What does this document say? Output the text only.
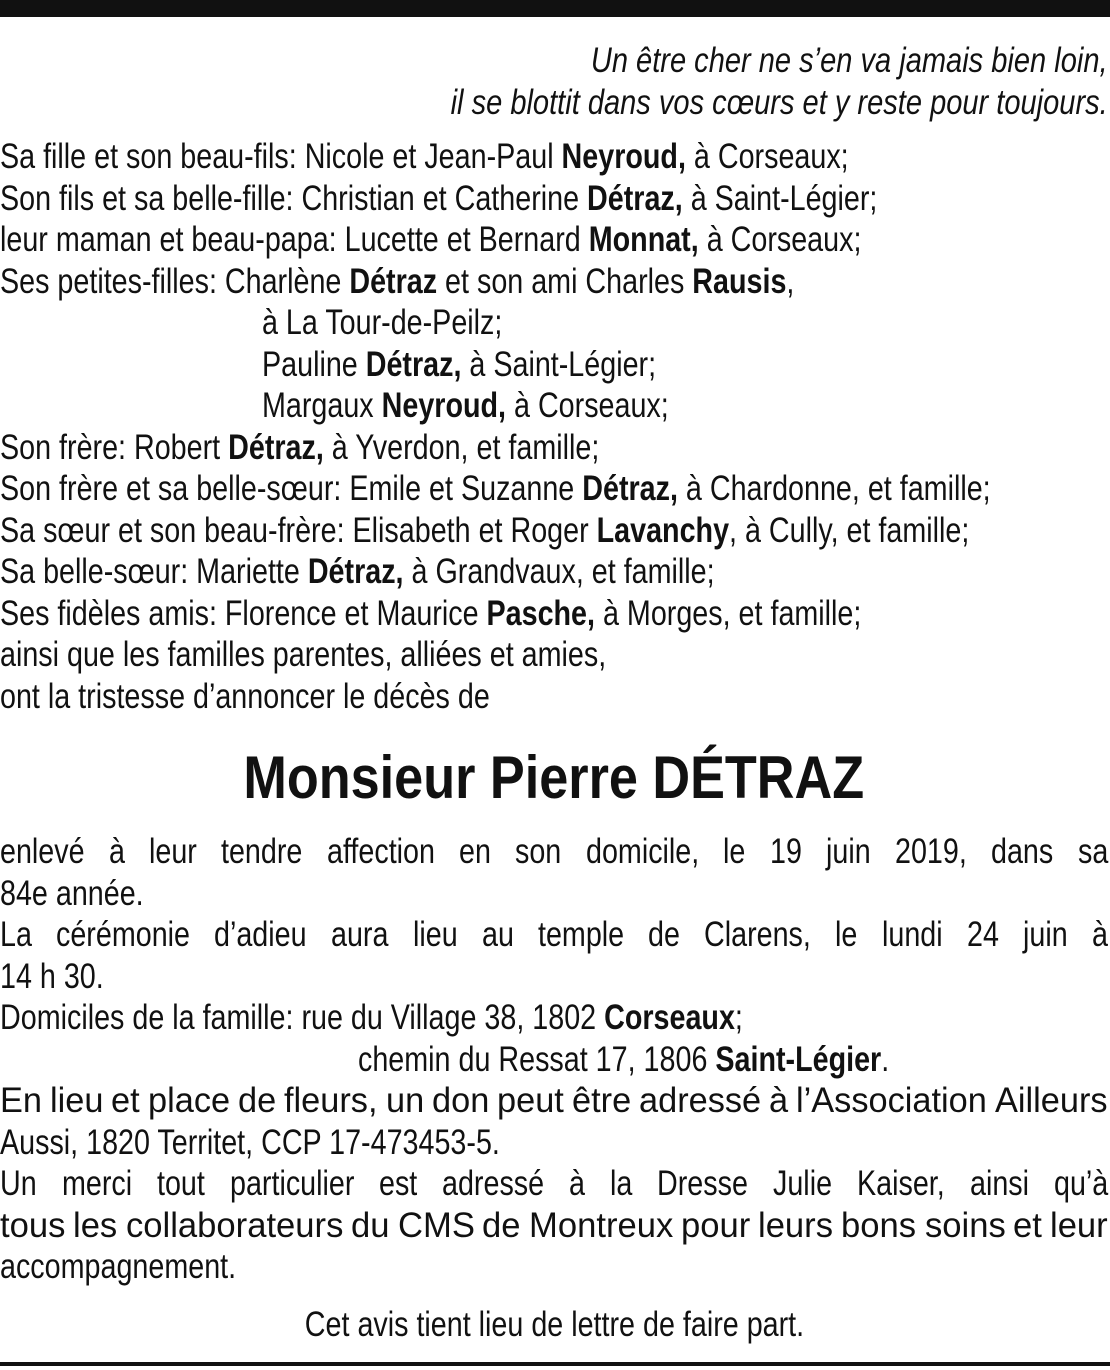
Un être cher ne s’en va jamais bien loin,
il se blottit dans vos cœurs et y reste pour toujours.
Sa fille et son beau-fils: Nicole et Jean-Paul Neyroud, à Corseaux;
Son fils et sa belle-fille: Christian et Catherine Détraz, à Saint-Légier;
leur maman et beau-papa: Lucette et Bernard Monnat, à Corseaux;
Ses petites-filles: Charlène Détraz et son ami Charles Rausis,
à La Tour-de-Peilz;
Pauline Détraz, à Saint-Légier;
Margaux Neyroud, à Corseaux;
Son frère: Robert Détraz, à Yverdon, et famille;
Son frère et sa belle-sœur: Emile et Suzanne Détraz, à Chardonne, et famille;
Sa sœur et son beau-frère: Elisabeth et Roger Lavanchy, à Cully, et famille;
Sa belle-sœur: Mariette Détraz, à Grandvaux, et famille;
Ses fidèles amis: Florence et Maurice Pasche, à Morges, et famille;
ainsi que les familles parentes, alliées et amies,
ont la tristesse d’annoncer le décès de
Monsieur Pierre DÉTRAZ
enlevé à leur tendre affection en son domicile, le 19 juin 2019, dans sa
84e année.
La cérémonie d’adieu aura lieu au temple de Clarens, le lundi 24 juin à
14 h 30.
Domiciles de la famille: rue du Village 38, 1802 Corseaux;
chemin du Ressat 17, 1806 Saint-Légier.
En lieu et place de fleurs, un don peut être adressé à l’Association Ailleurs
Aussi, 1820 Territet, CCP 17-473453-5.
Un merci tout particulier est adressé à la Dresse Julie Kaiser, ainsi qu’à
tous les collaborateurs du CMS de Montreux pour leurs bons soins et leur
accompagnement.
Cet avis tient lieu de lettre de faire part.
